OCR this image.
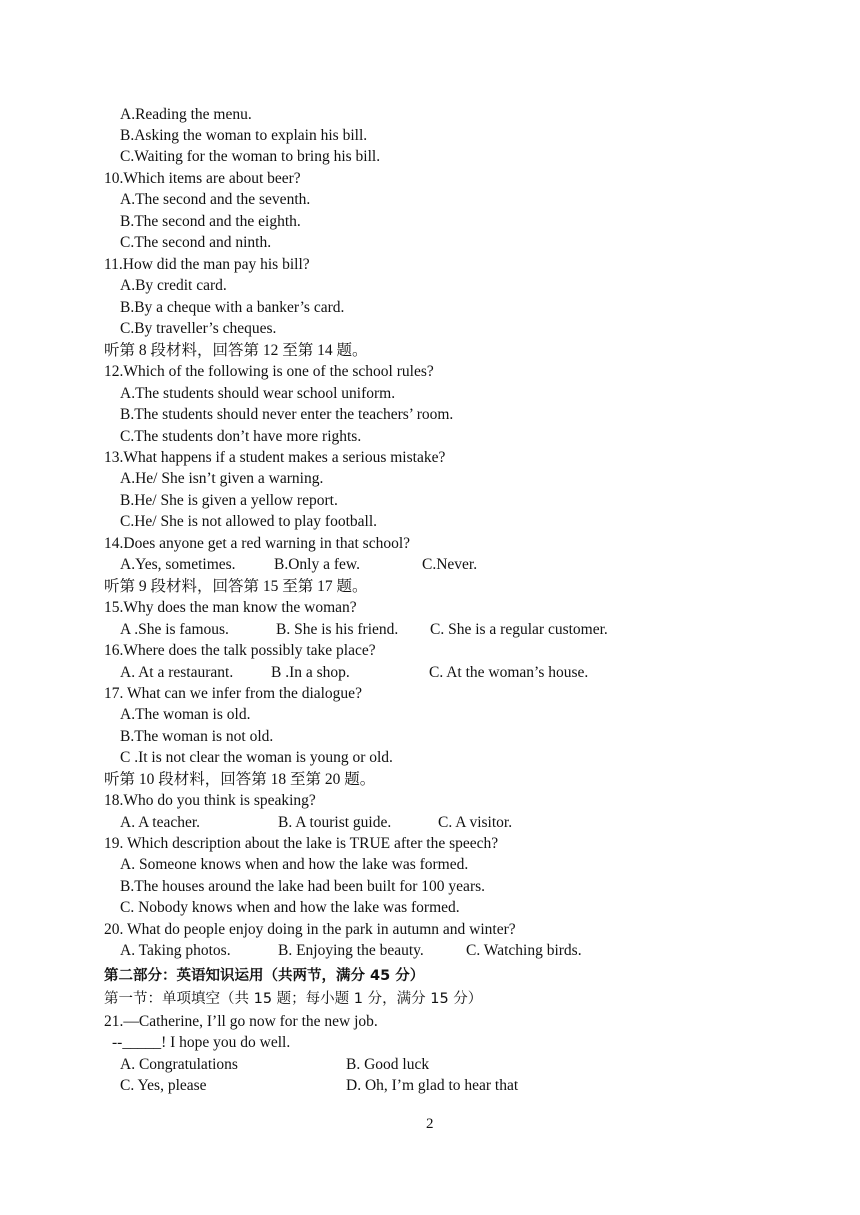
A.Reading the menu.
B.Asking the woman to explain his bill.
C.Waiting for the woman to bring his bill.
10.Which items are about beer?
A.The second and the seventh.
B.The second and the eighth.
C.The second and ninth.
11.How did the man pay his bill?
A.By credit card.
B.By a cheque with a banker’s card.
C.By traveller’s cheques.
听第 8 段材料，回答第 12 至第 14 题。
12.Which of the following is one of the school rules?
A.The students should wear school uniform.
B.The students should never enter the teachers’ room.
C.The students don’t have more rights.
13.What happens if a student makes a serious mistake?
A.He/ She isn’t given a warning.
B.He/ She is given a yellow report.
C.He/ She is not allowed to play football.
14.Does anyone get a red warning in that school?
A.Yes, sometimes. B.Only a few.	C.Never.
听第 9 段材料，回答第 15 至第 17 题。
15.Why does the man know the woman?
A .She is famous.	B. She is his friend. C. She is a regular customer.
16.Where does the talk possibly take place?
A. At a restaurant. B .In a shop.	C. At the woman’s house.
17. What can we infer from the dialogue?
A.The woman is old.
B.The woman is not old.
C .It is not clear the woman is young or old.
听第 10 段材料，回答第 18 至第 20 题。
18.Who do you think is speaking?
A. A teacher.	B. A tourist guide.	C. A visitor.
19. Which description about the lake is TRUE after the speech?
A. Someone knows when and how the lake was formed.
B.The houses around the lake had been built for 100 years.
C. Nobody knows when and how the lake was formed.
20. What do people enjoy doing in the park in autumn and winter?
A. Taking photos.	B. Enjoying the beauty.	C. Watching birds.
第二部分：英语知识运用（共两节，满分 45 分）
第一节：单项填空（共 15 题；每小题 1 分，满分 15 分）
21.—Catherine, I’ll go now for the new job.
--_____! I hope you do well.
A. Congratulations	B. Good luck
C. Yes, please	D. Oh, I’m glad to hear that
2
